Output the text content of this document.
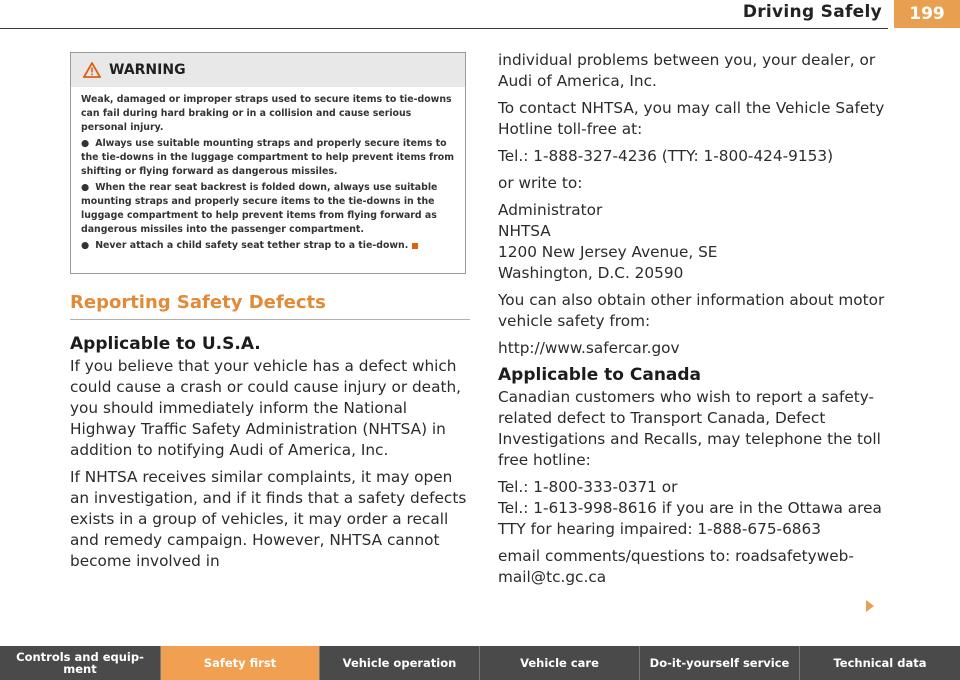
Driving Safely	199
WARNING

Weak, damaged or improper straps used to secure items to tie-downs can fail during hard braking or in a collision and cause serious personal injury.

● Always use suitable mounting straps and properly secure items to the tie-downs in the luggage compartment to help prevent items from shifting or flying forward as dangerous missiles.
● When the rear seat backrest is folded down, always use suitable mounting straps and properly secure items to the tie-downs in the luggage compartment to help prevent items from flying forward as dangerous missiles into the passenger compartment.
● Never attach a child safety seat tether strap to a tie-down.
Reporting Safety Defects
Applicable to U.S.A.

If you believe that your vehicle has a defect which could cause a crash or could cause injury or death, you should immediately inform the National Highway Traffic Safety Administration (NHTSA) in addition to notifying Audi of America, Inc.

If NHTSA receives similar complaints, it may open an investigation, and if it finds that a safety defects exists in a group of vehicles, it may order a recall and remedy campaign. However, NHTSA cannot become involved in

individual problems between you, your dealer, or Audi of America, Inc.

To contact NHTSA, you may call the Vehicle Safety Hotline toll-free at:

Tel.: 1-888-327-4236 (TTY: 1-800-424-9153)

or write to:

Administrator

NHTSA

1200 New Jersey Avenue, SE

Washington, D.C. 20590

You can also obtain other information about motor vehicle safety from:

http://www.safercar.gov

Applicable to Canada

Canadian customers who wish to report a safety-related defect to Transport Canada, Defect Investigations and Recalls, may telephone the toll free hotline:

Tel.: 1-800-333-0371 or

Tel.: 1-613-998-8616 if you are in the Ottawa area

TTY for hearing impaired: 1-888-675-6863

email comments/questions to: roadsafetyweb-mail@tc.gc.ca

Controls and equip-ment	Safety first	Vehicle operation	Vehicle care	Do-it-yourself service	Technical data
